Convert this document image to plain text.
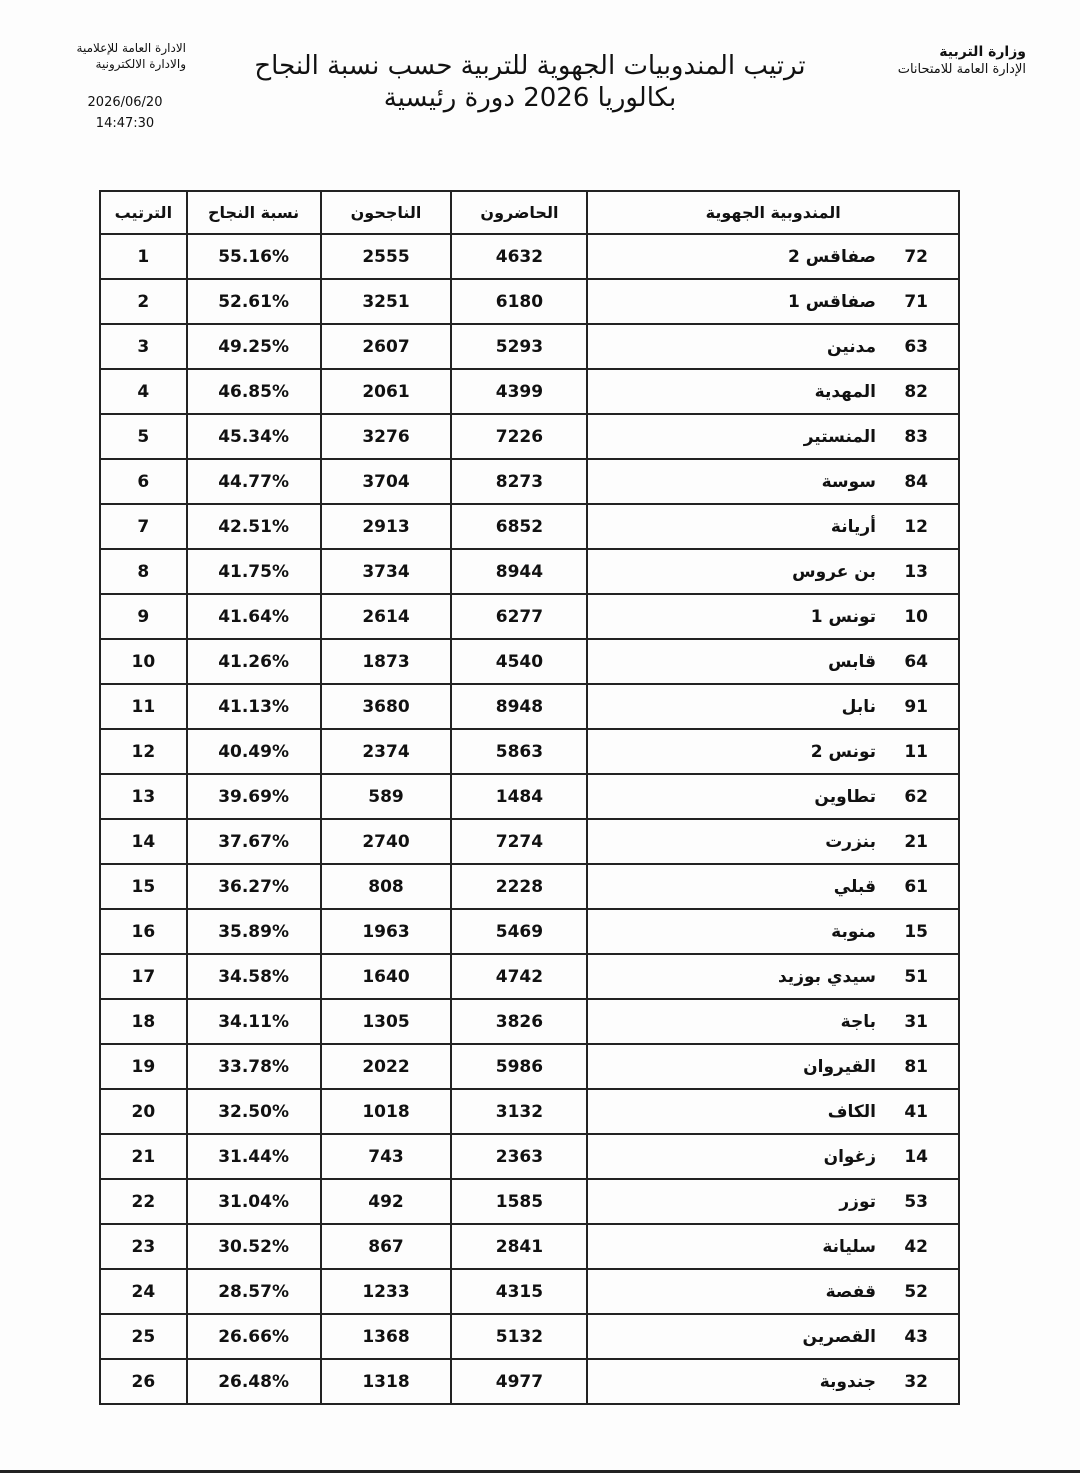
وزارة التربية
الإدارة العامة للامتحانات
الادارة العامة للإعلامية
والادارة الالكترونية
2026/06/20
14:47:30
ترتيب المندوبيات الجهوية للتربية حسب نسبة النجاح
بكالوريا 2026 دورة رئيسية
المندوبية الجهوية	الحاضرون	الناجحون	نسبة النجاح	الترتيب
72صفاقس 2	4632	2555	55.16%	1
71صفاقس 1	6180	3251	52.61%	2
63مدنين	5293	2607	49.25%	3
82المهدية	4399	2061	46.85%	4
83المنستير	7226	3276	45.34%	5
84سوسة	8273	3704	44.77%	6
12أريانة	6852	2913	42.51%	7
13بن عروس	8944	3734	41.75%	8
10تونس 1	6277	2614	41.64%	9
64قابس	4540	1873	41.26%	10
91نابل	8948	3680	41.13%	11
11تونس 2	5863	2374	40.49%	12
62تطاوين	1484	589	39.69%	13
21بنزرت	7274	2740	37.67%	14
61قبلي	2228	808	36.27%	15
15منوبة	5469	1963	35.89%	16
51سيدي بوزيد	4742	1640	34.58%	17
31باجة	3826	1305	34.11%	18
81القيروان	5986	2022	33.78%	19
41الكاف	3132	1018	32.50%	20
14زغوان	2363	743	31.44%	21
53توزر	1585	492	31.04%	22
42سليانة	2841	867	30.52%	23
52قفصة	4315	1233	28.57%	24
43القصرين	5132	1368	26.66%	25
32جندوبة	4977	1318	26.48%	26
